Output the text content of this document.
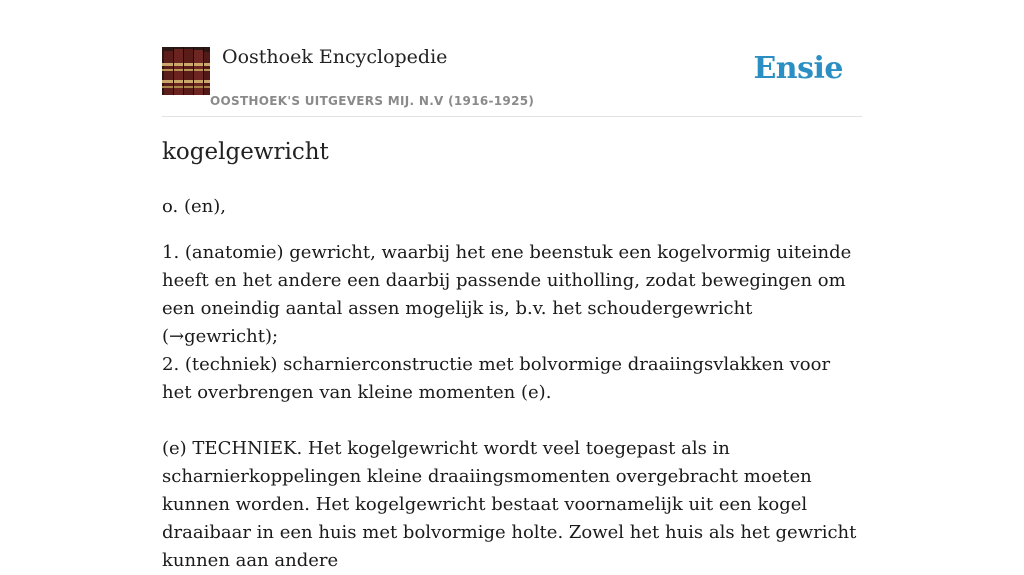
Oosthoek Encyclopedie
OOSTHOEK'S UITGEVERS MIJ. N.V (1916-1925)
Ensie
kogelgewricht

o. (en),

1. (anatomie) gewricht, waarbij het ene beenstuk een kogelvormig uiteinde heeft en het andere een daarbij passende uitholling, zodat bewegingen om een oneindig aantal assen mogelijk is, b.v. het schoudergewricht (→gewricht);

2. (techniek) scharnierconstructie met bolvormige draaiingsvlakken voor het overbrengen van kleine momenten (e).

(e) TECHNIEK. Het kogelgewricht wordt veel toegepast als in scharnierkoppelingen kleine draaiingsmomenten overgebracht moeten kunnen worden. Het kogelgewricht bestaat voornamelijk uit een kogel draaibaar in een huis met bolvormige holte. Zowel het huis als het gewricht kunnen aan andere
